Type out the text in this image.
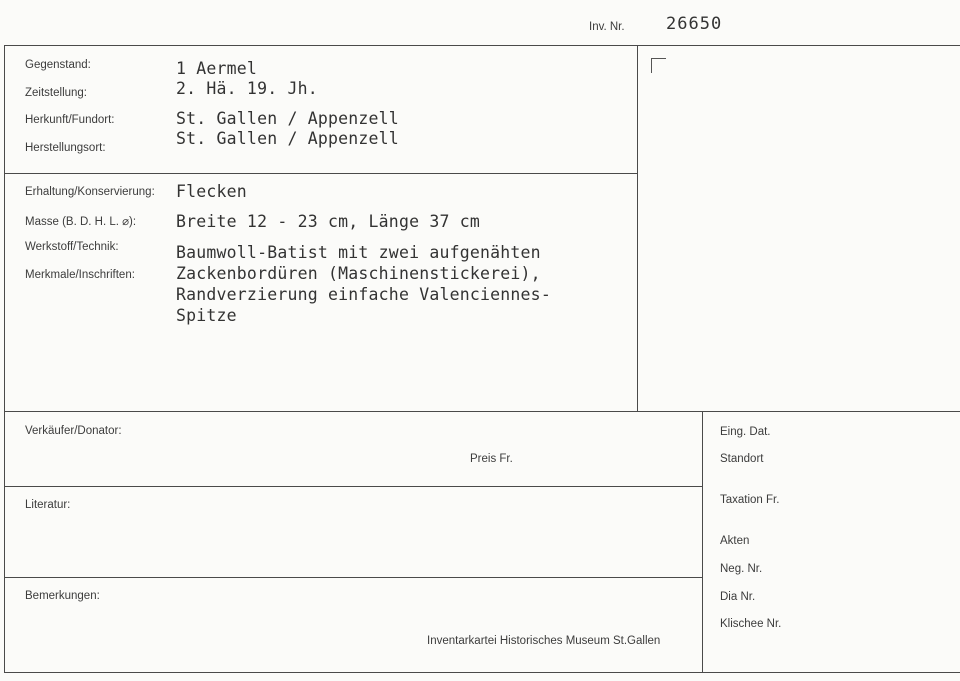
Inv. Nr. 26650
Gegenstand:
Zeitstellung:
Herkunft/Fundort:
Herstellungsort:
1 Aermel
2. Hä. 19. Jh.
St. Gallen / Appenzell
St. Gallen / Appenzell
Erhaltung/Konservierung:
Masse (B. D. H. L. ⌀):
Werkstoff/Technik:
Merkmale/Inschriften:
Flecken
Breite 12 - 23 cm, Länge 37 cm
Baumwoll-Batist mit zwei aufgenähten
Zackenbordüren (Maschinenstickerei),
Randverzierung einfache Valenciennes-
Spitze
Verkäufer/Donator:
Preis Fr.
Literatur:
Bemerkungen:
Inventarkartei Historisches Museum St.Gallen
Eing. Dat.
Standort
Taxation Fr.
Akten
Neg. Nr.
Dia Nr.
Klischee Nr.
